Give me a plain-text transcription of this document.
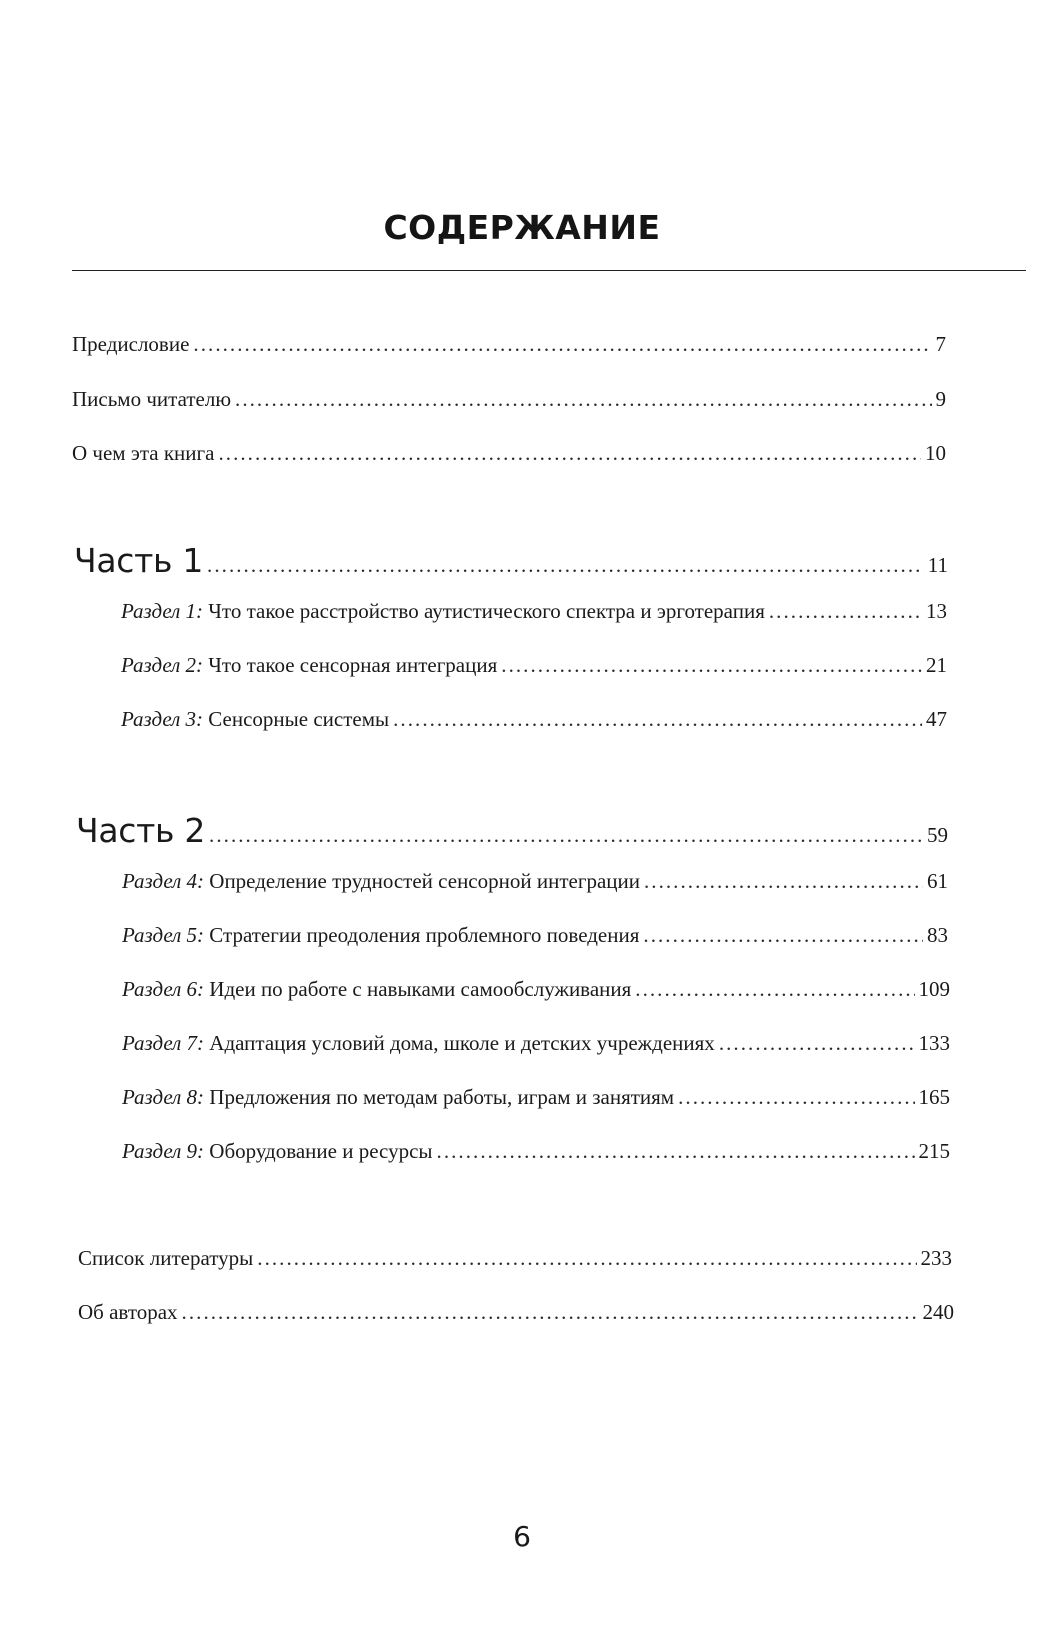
СОДЕРЖАНИЕ
Предисловие . . .	7
Письмо читателю . . .	9
О чем эта книга . . .	10
Часть 1 . . .	11
Раздел 1: Что такое расстройство аутистического спектра и эрготерапия . . .	13
Раздел 2: Что такое сенсорная интеграция . . .	21
Раздел 3: Сенсорные системы . . .	47
Часть 2 . . .	59
Раздел 4: Определение трудностей сенсорной интеграции . . .	61
Раздел 5: Стратегии преодоления проблемного поведения . . .	83
Раздел 6: Идеи по работе с навыками самообслуживания . . .	109
Раздел 7: Адаптация условий дома, школе и детских учреждениях . . .	133
Раздел 8: Предложения по методам работы, играм и занятиям . . .	165
Раздел 9: Оборудование и ресурсы . . .	215
Список литературы . . .	233
Об авторах . . .	240

6
